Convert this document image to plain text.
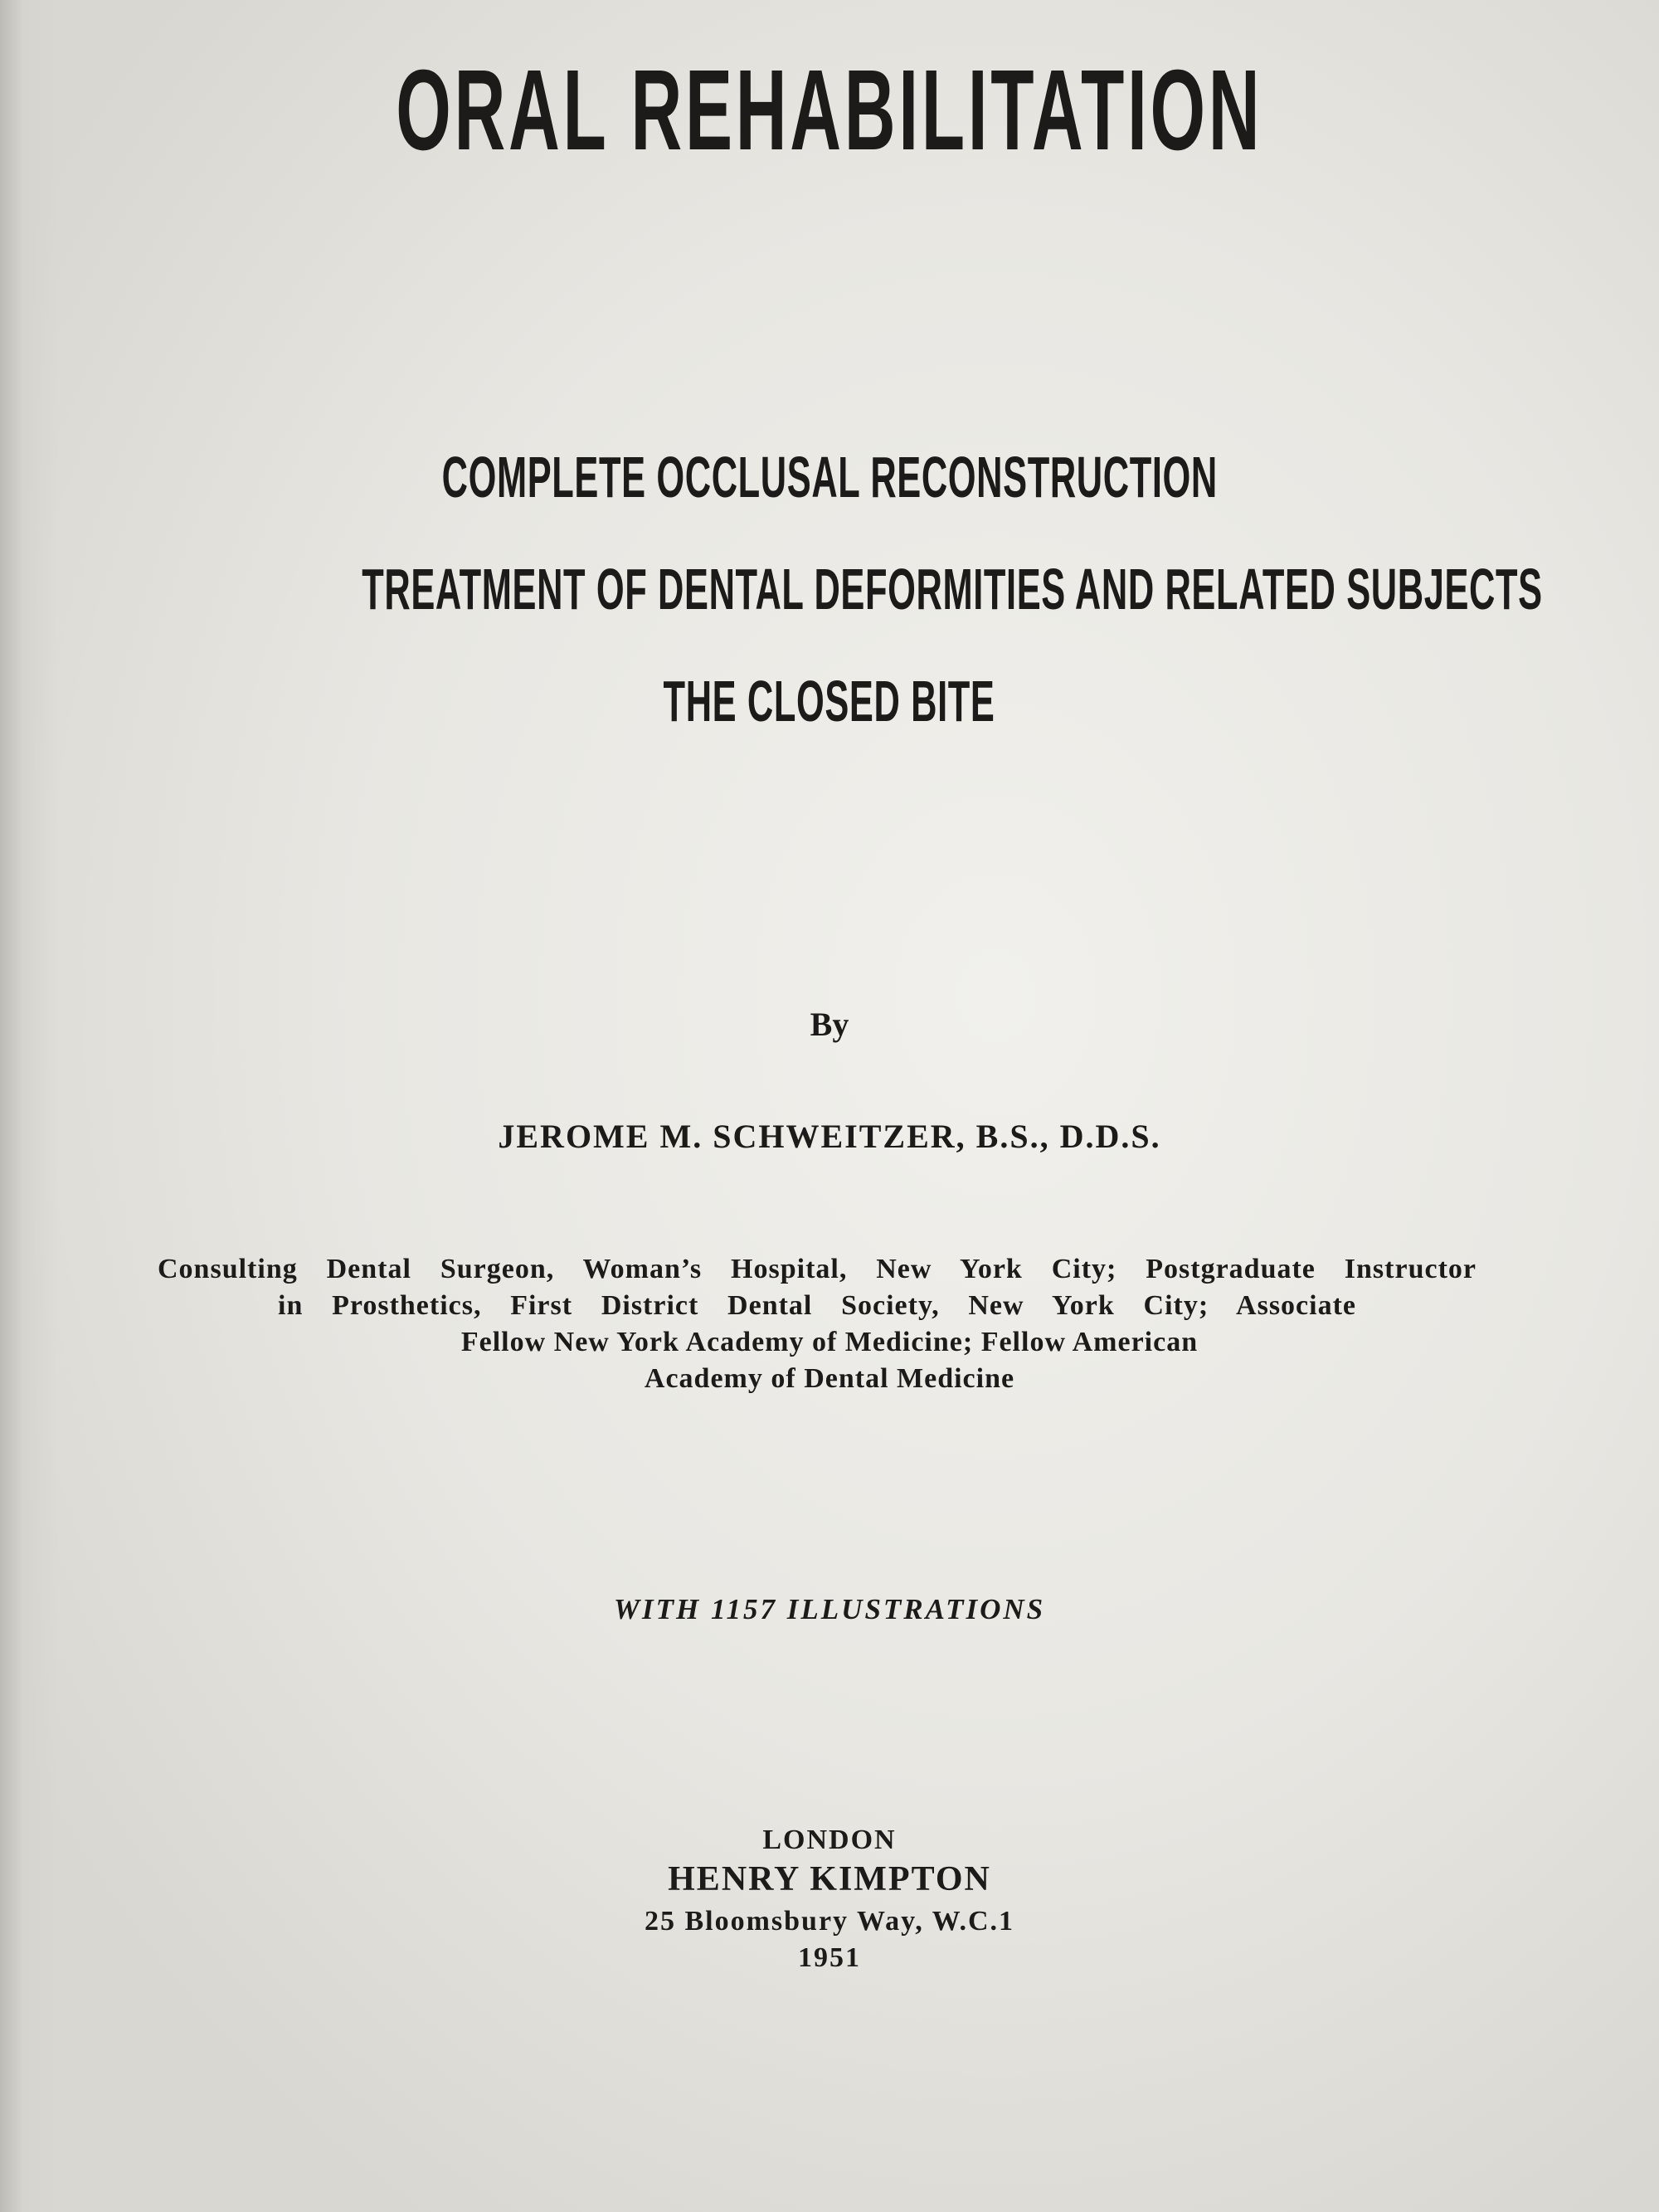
ORAL REHABILITATION
COMPLETE OCCLUSAL RECONSTRUCTION
TREATMENT OF DENTAL DEFORMITIES AND RELATED SUBJECTS
THE CLOSED BITE
By
JEROME M. SCHWEITZER, B.S., D.D.S.
Consulting Dental Surgeon, Woman’s Hospital, New York City; Postgraduate Instructor
in Prosthetics, First District Dental Society, New York City; Associate
Fellow New York Academy of Medicine; Fellow American
Academy of Dental Medicine
WITH 1157 ILLUSTRATIONS
LONDON
HENRY KIMPTON
25 Bloomsbury Way, W.C.1
1951
